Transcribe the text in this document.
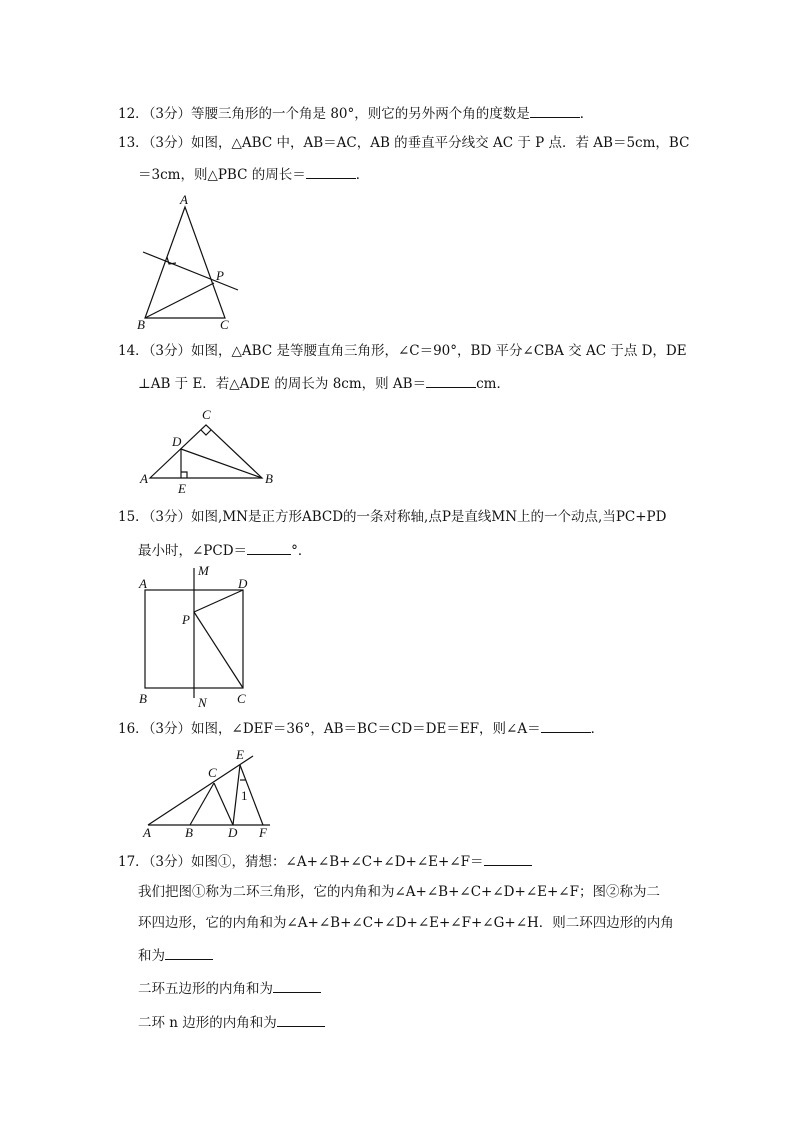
12．（3分）等腰三角形的一个角是 80°，则它的另外两个角的度数是	．
13．（3分）如图，△ABC 中，AB＝AC，AB 的垂直平分线交 AC 于 P 点．若 AB＝5cm，BC
＝3cm，则△PBC 的周长＝	．
A
B	C
P
14．（3分）如图，△ABC 是等腰直角三角形，∠C＝90°，BD 平分∠CBA 交 AC 于点 D，DE
⊥AB 于 E．若△ADE 的周长为 8cm，则 AB＝	cm．
C
D
A	B
E
15．（3分）如图,MN是正方形ABCD的一条对称轴,点P是直线MN上的一个动点,当PC+PD
最小时，∠PCD＝	°．
A
M
D
P
B	N C
16．（3分）如图，∠DEF＝36°，AB＝BC＝CD＝DE＝EF，则∠A＝	．
E
C
1
A	B	D F
17．（3分）如图①，猜想：∠A+∠B+∠C+∠D+∠E+∠F＝
我们把图①称为二环三角形，它的内角和为∠A+∠B+∠C+∠D+∠E+∠F；图②称为二
环四边形，它的内角和为∠A+∠B+∠C+∠D+∠E+∠F+∠G+∠H．则二环四边形的内角
和为
二环五边形的内角和为
二环 n 边形的内角和为
